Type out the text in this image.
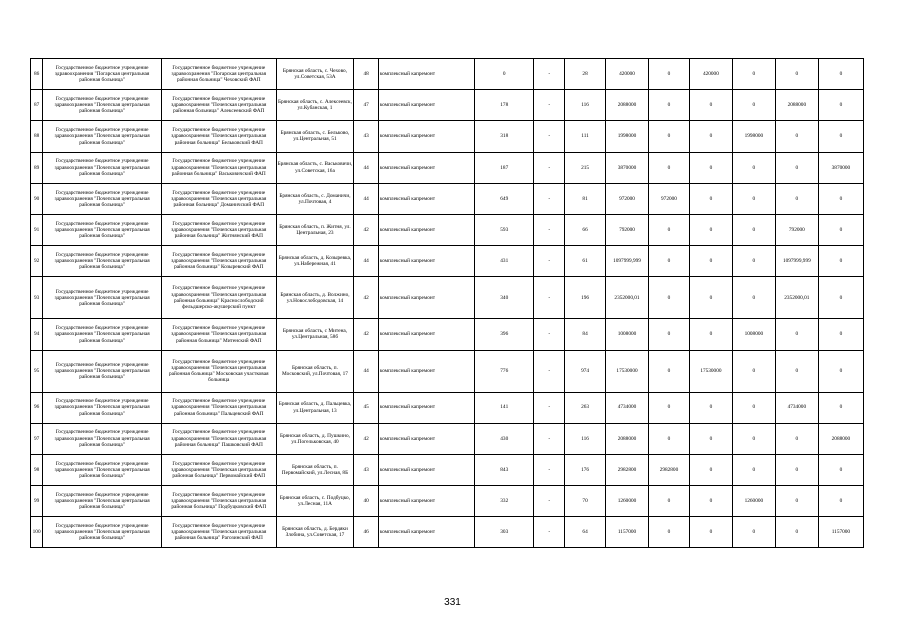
86	Государственное бюджетное учреждение здравоохранения "Погарская центральная районная больница"	Государственное бюджетное учреждение здравоохранения "Погарская центральная районная больница" Чеховский ФАП	Брянская область, с. Чехово, ул.Советская, 53А	48	комплексный капремонт	0	-	28	420000	0	420000	0	0	0
87	Государственное бюджетное учреждение здравоохранения "Почепская центральная районная больница"	Государственное бюджетное учреждение здравоохранения "Почепская центральная районная больница" Алексеевский ФАП	Брянская область, с. Алексеевск, ул.Кубанская, 1	47	комплексный капремонт	178	-	116	2088000	0	0	0	2088000	0
88	Государственное бюджетное учреждение здравоохранения "Почепская центральная районная больница"	Государственное бюджетное учреждение здравоохранения "Почепская центральная районная больница" Бельковский ФАП	Брянская область, с. Бельково, ул.Центральная, 51	43	комплексный капремонт	318	-	111	1998000	0	0	1998000	0	0
89	Государственное бюджетное учреждение здравоохранения "Почепская центральная районная больница"	Государственное бюджетное учреждение здравоохранения "Почепская центральная районная больница" Васьковичский ФАП	Брянская область, с. Васьковичи, ул.Советская, 16а	44	комплексный капремонт	187	-	215	3870000	0	0	0	0	3870000
90	Государственное бюджетное учреждение здравоохранения "Почепская центральная районная больница"	Государственное бюджетное учреждение здравоохранения "Почепская центральная районная больница" Доманичский ФАП	Брянская область, с. Доманичи, ул.Почтовая, 4	44	комплексный капремонт	649	-	81	972000	972000	0	0	0	0
91	Государственное бюджетное учреждение здравоохранения "Почепская центральная районная больница"	Государственное бюджетное учреждение здравоохранения "Почепская центральная районная больница" Житнянский ФАП	Брянская область, п. Житня, ул. Центральная, 23	42	комплексный капремонт	593	-	66	792000	0	0	0	792000	0
92	Государственное бюджетное учреждение здравоохранения "Почепская центральная районная больница"	Государственное бюджетное учреждение здравоохранения "Почепская центральная районная больница" Козыревский ФАП	Брянская область, д. Козыревка, ул.Набережная, 41	44	комплексный капремонт	431	-	61	1097999,999	0	0	0	1097999,999	0
93	Государственное бюджетное учреждение здравоохранения "Почепская центральная районная больница"	Государственное бюджетное учреждение здравоохранения "Почепская центральная районная больница" Краснослободский фельдшерско-акушерский пункт	Брянская область, д. Волжино, ул.Новослободовская, 14	42	комплексный капремонт	340	-	196	2352000,01	0	0	0	2352000,01	0
94	Государственное бюджетное учреждение здравоохранения "Почепская центральная районная больница"	Государственное бюджетное учреждение здравоохранения "Почепская центральная районная больница" Митенский ФАП	Брянская область, с Митена, ул.Центральная, 58б	42	комплексный капремонт	396	-	84	1008000	0	0	1008000	0	0
95	Государственное бюджетное учреждение здравоохранения "Почепская центральная районная больница"	Государственное бюджетное учреждение здравоохранения "Почепская центральная районная больница" Московская участковая больница	Брянская область, п. Московский, ул.Почтовая, 17	44	комплексный капремонт	776	-	974	17530000	0	17530000	0	0	0
96	Государственное бюджетное учреждение здравоохранения "Почепская центральная районная больница"	Государственное бюджетное учреждение здравоохранения "Почепская центральная районная больница" Пальцевский ФАП	Брянская область, д. Пальцевка, ул.Центральная, 13	45	комплексный капремонт	141	-	263	4734000	0	0	0	4734000	0
97	Государственное бюджетное учреждение здравоохранения "Почепская центральная районная больница"	Государственное бюджетное учреждение здравоохранения "Почепская центральная районная больница" Пашковский ФАП	Брянская область, д. Пушкино, ул.Погельковская, 40	42	комплексный капремонт	430	-	116	2088000	0	0	0	0	2088000
98	Государственное бюджетное учреждение здравоохранения "Почепская центральная районная больница"	Государственное бюджетное учреждение здравоохранения "Почепская центральная районная больница" Первомайский ФАП	Брянская область, п. Первомайский, ул.Лесная, 8Б	43	комплексный капремонт	843	-	176	2982800	2982800	0	0	0	0
99	Государственное бюджетное учреждение здравоохранения "Почепская центральная районная больница"	Государственное бюджетное учреждение здравоохранения "Почепская центральная районная больница" Подбуцковский ФАП	Брянская область, с. Подбуцко, ул.Лесная, 11А	40	комплексный капремонт	332	-	70	1260000	0	0	1260000	0	0
100	Государственное бюджетное учреждение здравоохранения "Почепская центральная районная больница"	Государственное бюджетное учреждение здравоохранения "Почепская центральная районная больница" Рагозинский ФАП	Брянская область, д. Бердяки Злобина, ул.Советская, 17	46	комплексный капремонт	303	-	64	1157000	0	0	0	0	1157000
331
